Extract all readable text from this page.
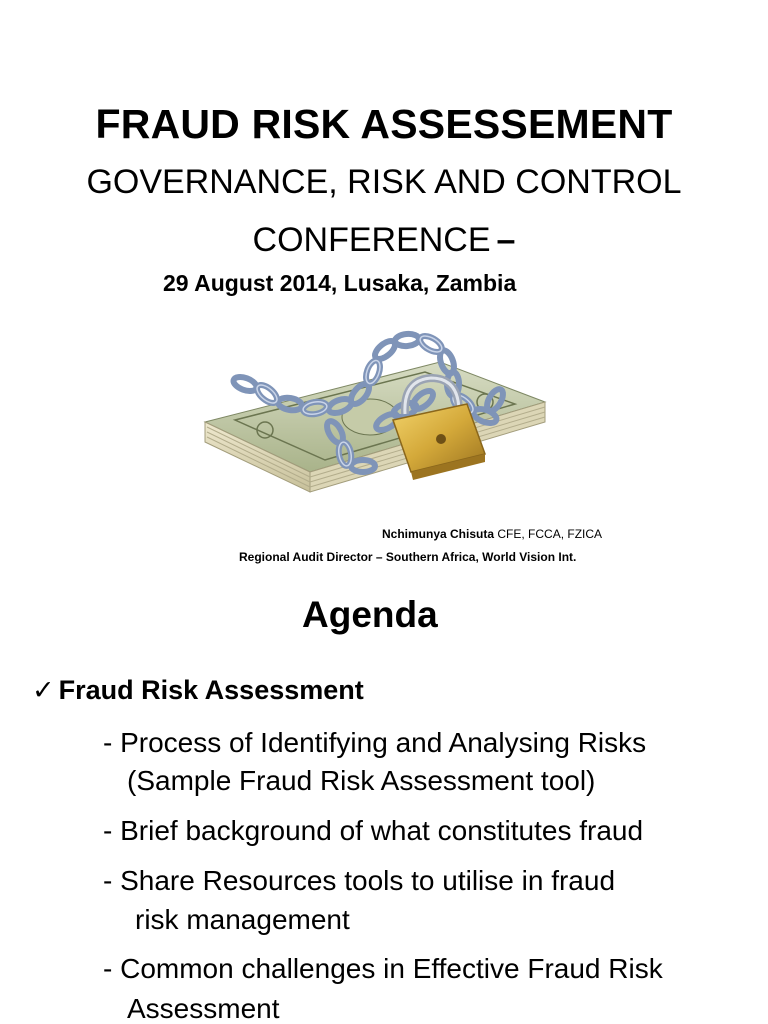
FRAUD RISK ASSESSEMENT
GOVERNANCE, RISK AND CONTROL
CONFERENCE –
29 August 2014, Lusaka, Zambia
Nchimunya Chisuta CFE, FCCA, FZICA
Regional Audit Director – Southern Africa, World Vision Int.
Agenda
✓ Fraud Risk Assessment
- Process of Identifying and Analysing Risks
(Sample Fraud Risk Assessment tool)
- Brief background of what constitutes fraud
- Share Resources tools to utilise in fraud
risk management
- Common challenges in Effective Fraud Risk
Assessment
